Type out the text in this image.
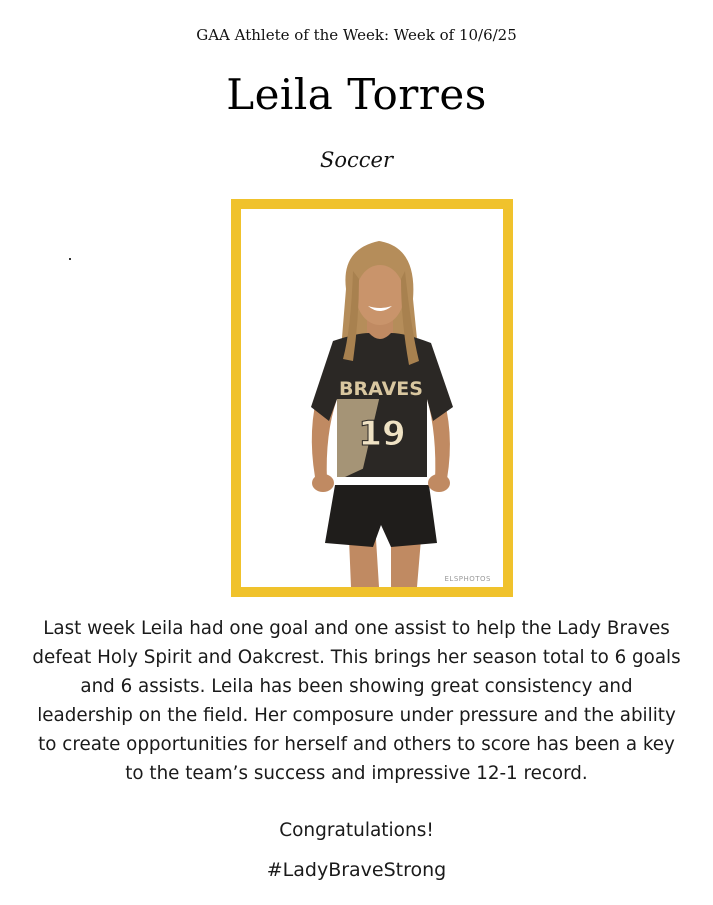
GAA Athlete of the Week: Week of 10/6/25
Leila Torres
Soccer
BRAVES
19
ELSPHOTOS
Last week Leila had one goal and one assist to help the Lady Braves defeat Holy Spirit and Oakcrest. This brings her season total to 6 goals and 6 assists. Leila has been showing great consistency and leadership on the field. Her composure under pressure and the ability to create opportunities for herself and others to score has been a key to the team’s success and impressive 12-1 record.
Congratulations!
#LadyBraveStrong
